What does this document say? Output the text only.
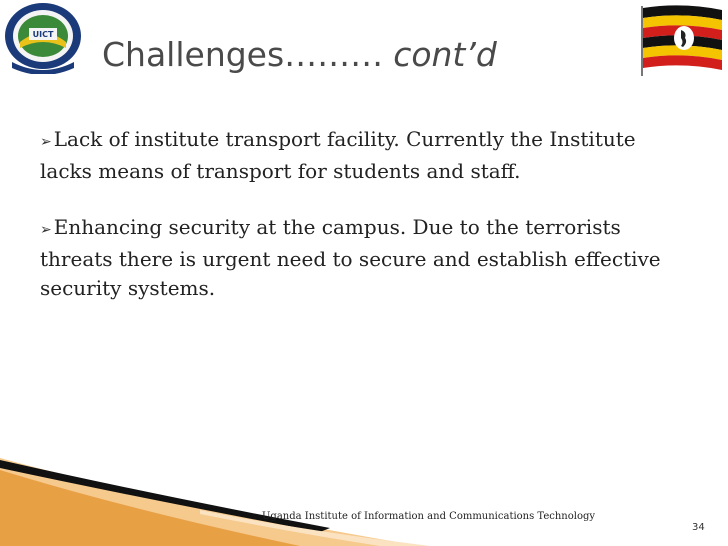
UICT
Challenges……… cont’d
➢ Lack of institute transport facility. Currently the Institute lacks means of transport for students and staff.
➢ Enhancing security at the campus. Due to the terrorists threats there is urgent need to secure and establish effective security systems.
Uganda Institute of Information and Communications Technology
34
